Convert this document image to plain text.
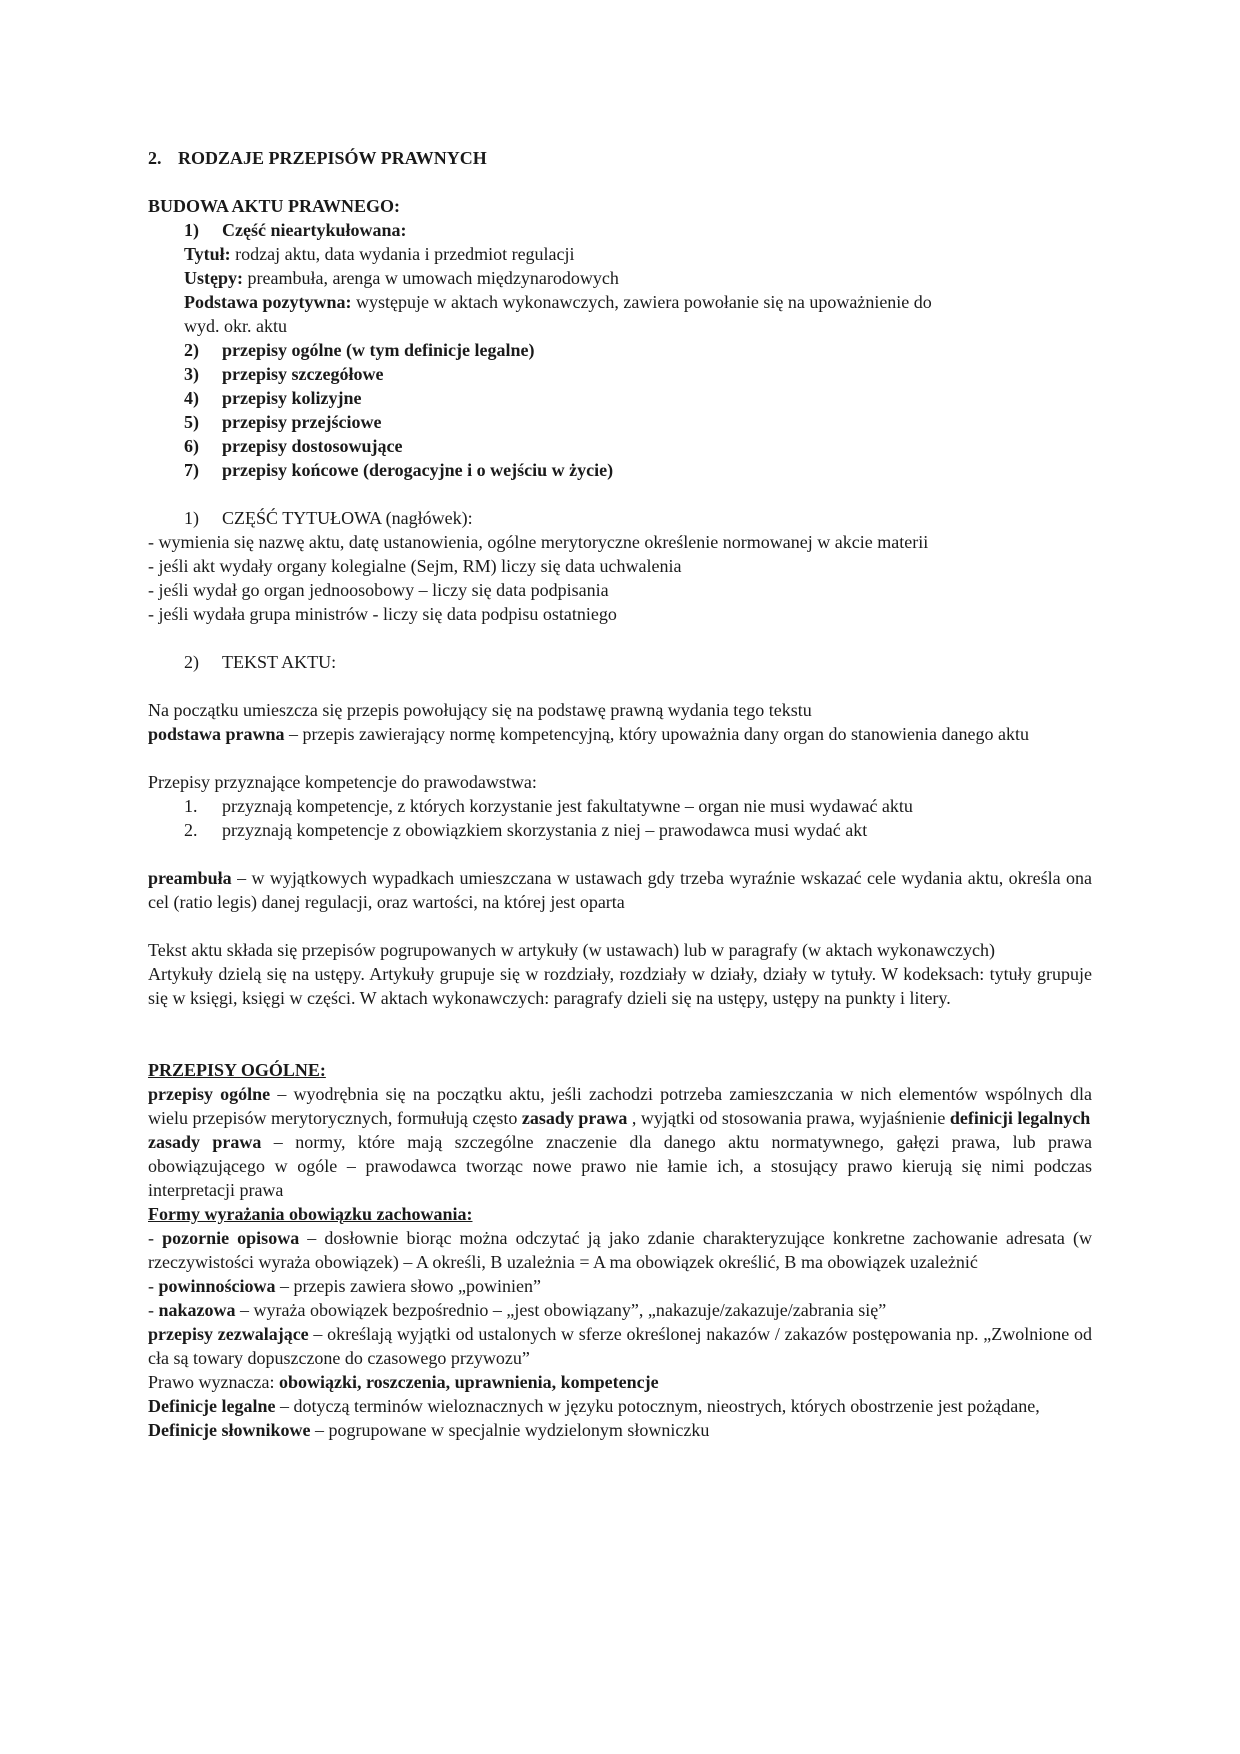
2. RODZAJE PRZEPISÓW PRAWNYCH
BUDOWA AKTU PRAWNEGO:
1)	Część nieartykułowana:
Tytuł: rodzaj aktu, data wydania i przedmiot regulacji
Ustępy: preambuła, arenga w umowach międzynarodowych
Podstawa pozytywna: występuje w aktach wykonawczych, zawiera powołanie się na upoważnienie do
wyd. okr. aktu
2)	przepisy ogólne (w tym definicje legalne)
3)	przepisy szczegółowe
4)	przepisy kolizyjne
5)	przepisy przejściowe
6)	przepisy dostosowujące
7)	przepisy końcowe (derogacyjne i o wejściu w życie)
1)	CZĘŚĆ TYTUŁOWA (nagłówek):
- wymienia się nazwę aktu, datę ustanowienia, ogólne merytoryczne określenie normowanej w akcie materii
- jeśli akt wydały organy kolegialne (Sejm, RM) liczy się data uchwalenia
- jeśli wydał go organ jednoosobowy – liczy się data podpisania
- jeśli wydała grupa ministrów - liczy się data podpisu ostatniego
2)	TEKST AKTU:
Na początku umieszcza się przepis powołujący się na podstawę prawną wydania tego tekstu
podstawa prawna – przepis zawierający normę kompetencyjną, który upoważnia dany organ do stanowienia danego aktu
Przepisy przyznające kompetencje do prawodawstwa:
1.	przyznają kompetencje, z których korzystanie jest fakultatywne – organ nie musi wydawać aktu
2.	przyznają kompetencje z obowiązkiem skorzystania z niej – prawodawca musi wydać akt
preambuła – w wyjątkowych wypadkach umieszczana w ustawach gdy trzeba wyraźnie wskazać cele wydania aktu, określa ona cel (ratio legis) danej regulacji, oraz wartości, na której jest oparta
Tekst aktu składa się przepisów pogrupowanych w artykuły (w ustawach) lub w paragrafy (w aktach wykonawczych)
Artykuły dzielą się na ustępy. Artykuły grupuje się w rozdziały, rozdziały w działy, działy w tytuły. W kodeksach: tytuły grupuje się w księgi, księgi w części. W aktach wykonawczych: paragrafy dzieli się na ustępy, ustępy na punkty i litery.
PRZEPISY OGÓLNE:
przepisy ogólne – wyodrębnia się na początku aktu, jeśli zachodzi potrzeba zamieszczania w nich elementów wspólnych dla wielu przepisów merytorycznych, formułują często zasady prawa , wyjątki od stosowania prawa, wyjaśnienie definicji legalnych
zasady prawa – normy, które mają szczególne znaczenie dla danego aktu normatywnego, gałęzi prawa, lub prawa obowiązującego w ogóle – prawodawca tworząc nowe prawo nie łamie ich, a stosujący prawo kierują się nimi podczas interpretacji prawa
Formy wyrażania obowiązku zachowania:
- pozornie opisowa – dosłownie biorąc można odczytać ją jako zdanie charakteryzujące konkretne zachowanie adresata (w rzeczywistości wyraża obowiązek) – A określi, B uzależnia = A ma obowiązek określić, B ma obowiązek uzależnić
- powinnościowa – przepis zawiera słowo „powinien”
- nakazowa – wyraża obowiązek bezpośrednio – „jest obowiązany”, „nakazuje/zakazuje/zabrania się”
przepisy zezwalające – określają wyjątki od ustalonych w sferze określonej nakazów / zakazów postępowania np. „Zwolnione od cła są towary dopuszczone do czasowego przywozu”
Prawo wyznacza: obowiązki, roszczenia, uprawnienia, kompetencje
Definicje legalne – dotyczą terminów wieloznacznych w języku potocznym, nieostrych, których obostrzenie jest pożądane,
Definicje słownikowe – pogrupowane w specjalnie wydzielonym słowniczku
